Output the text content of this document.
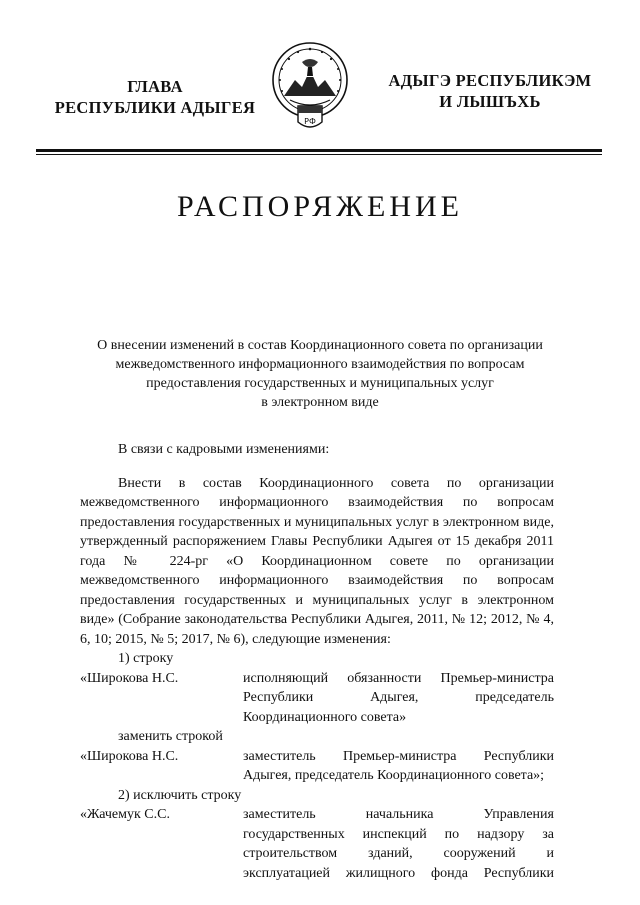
ГЛАВА
РЕСПУБЛИКИ АДЫГЕЯ
РФ
АДЫГЭ РЕСПУБЛИКЭМ
И ЛЫШЪХЬ
РАСПОРЯЖЕНИЕ
О внесении изменений в состав Координационного совета по организации
межведомственного информационного взаимодействия по вопросам
предоставления государственных и муниципальных услуг
в электронном виде

В связи с кадровыми изменениями:

Внести в состав Координационного совета по организации межведомственного информационного взаимодействия по вопросам предоставления государственных и муниципальных услуг в электронном виде, утвержденный распоряжением Главы Республики Адыгея от 15 декабря 2011 года № 224-рг «О Координационном совете по организации межведомственного информационного взаимодействия по вопросам предоставления государственных и муниципальных услуг в электронном виде» (Собрание законодательства Республики Адыгея, 2011, № 12; 2012, № 4, 6, 10; 2015, № 5; 2017, № 6), следующие изменения:

1) строку

«Широкова Н.С.	исполняющий обязанности Премьер-министра Республики Адыгея, председатель Координационного совета»

заменить строкой

«Широкова Н.С.	заместитель Премьер-министра Республики Адыгея, председатель Координационного совета»;

2) исключить строку

«Жачемук С.С.	заместитель начальника Управления государственных инспекций по надзору за строительством зданий, сооружений и эксплуатацией жилищного фонда Республики
